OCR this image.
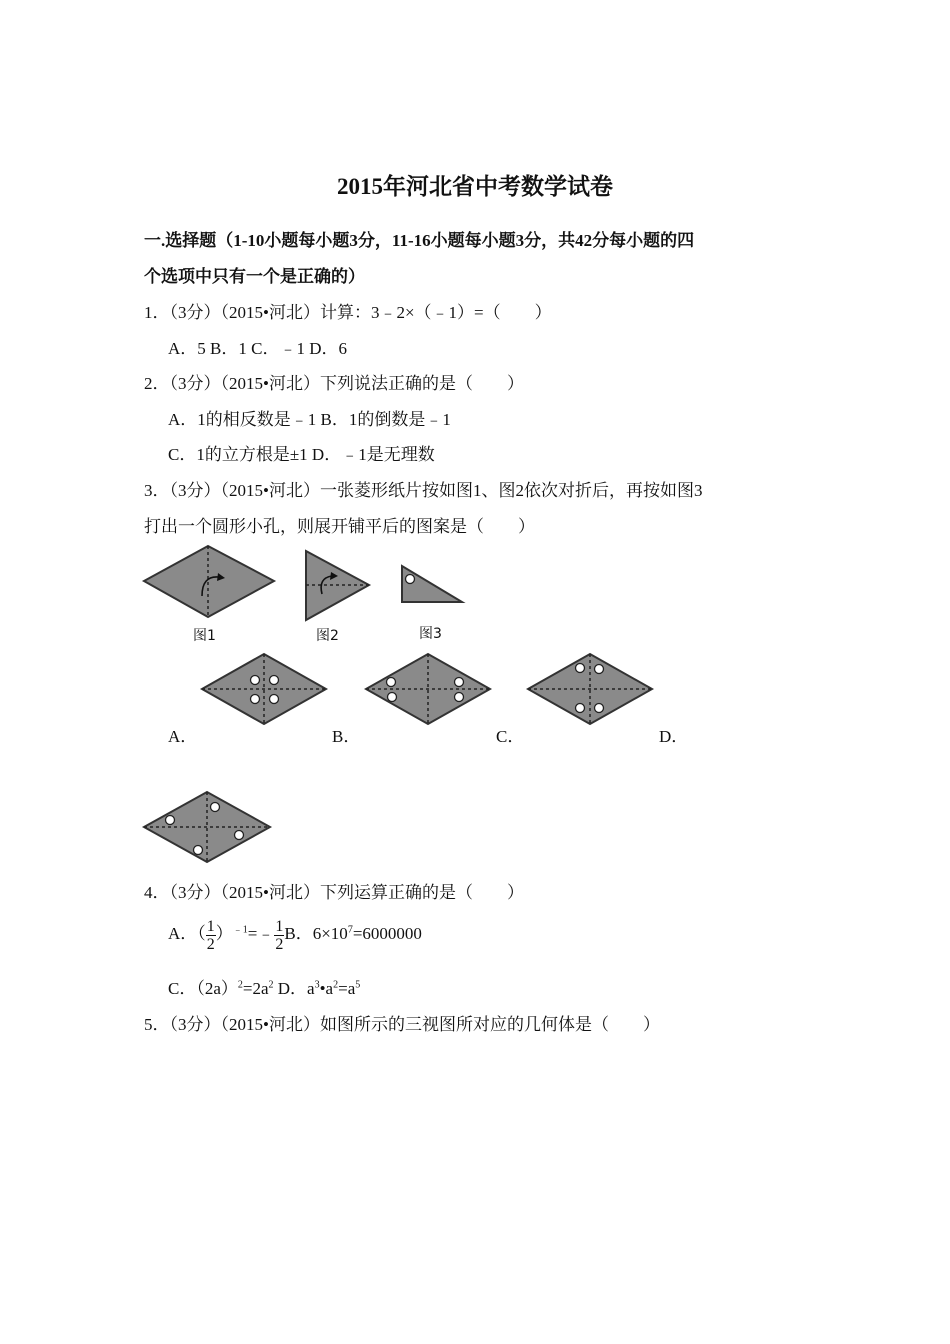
2015年河北省中考数学试卷
一.选择题（1-10小题每小题3分，11-16小题每小题3分，共42分每小题的四
个选项中只有一个是正确的）
1．（3分）（2015•河北）计算：3﹣2×（﹣1）=（　　）
A．5 B．1 C．﹣1 D．6
2．（3分）（2015•河北）下列说法正确的是（　　）
A．1的相反数是﹣1 B．1的倒数是﹣1
C．1的立方根是±1 D．﹣1是无理数
3．（3分）（2015•河北）一张菱形纸片按如图1、图2依次对折后，再按如图3
打出一个圆形小孔，则展开铺平后的图案是（　　）
图1	图2	图3
A．	B．	C．	D．
4．（3分）（2015•河北）下列运算正确的是（　　）
A．（ $\frac{1}{2}$ ）$^{﹣1}$=﹣ $\frac{1}{2}$ B．$6\times 10^7=6000000$
C．$(2a)^2=2a^2$ D．$a^3•a^2=a^5$
5．（3分）（2015•河北）如图所示的三视图所对应的几何体是（　　）
